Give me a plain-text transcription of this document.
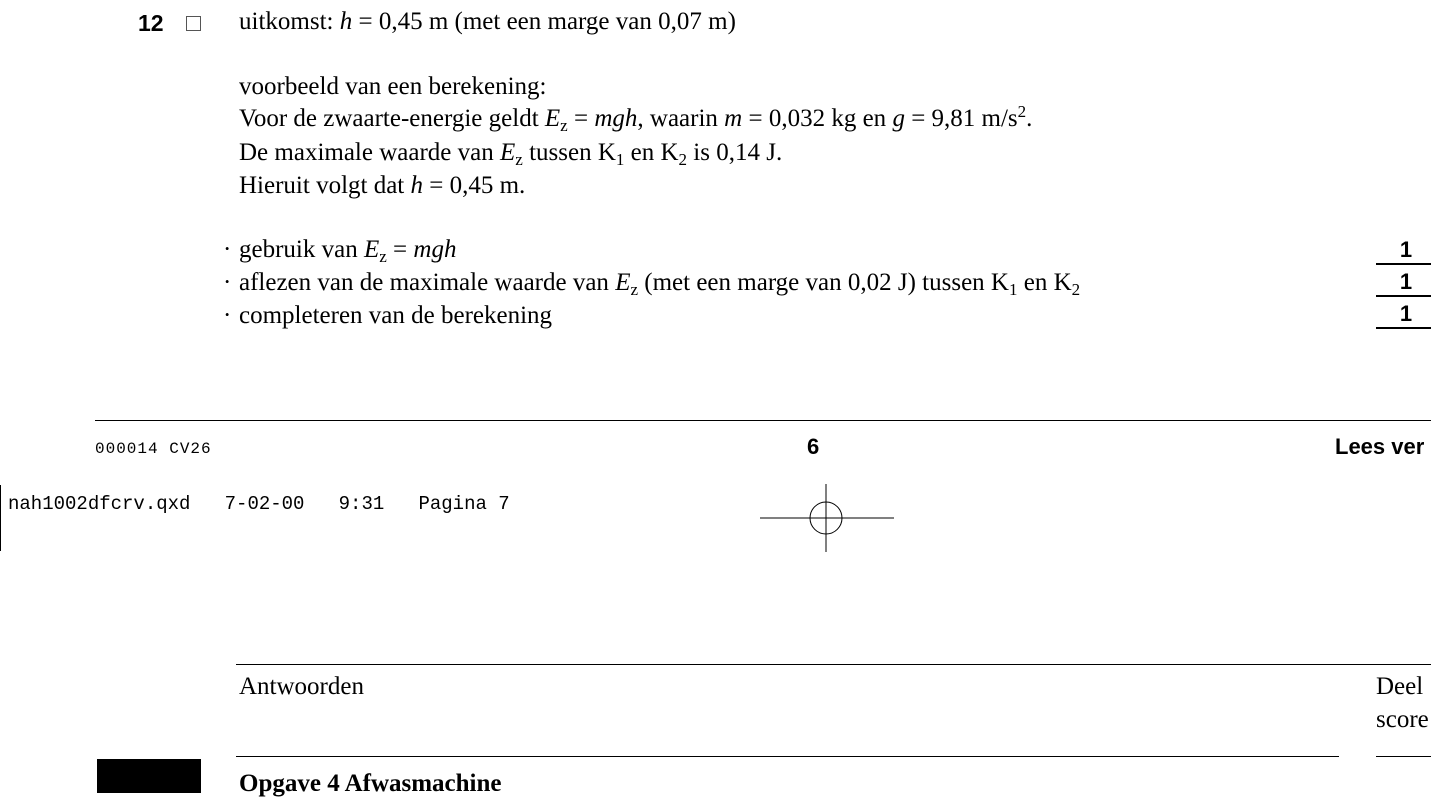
12	uitkomst: h = 0,45 m (met een marge van 0,07 m)
voorbeeld van een berekening:
Voor de zwaarte-energie geldt $E_z$ = mgh, waarin m = 0,032 kg en g = 9,81 $m/s^2$.
De maximale waarde van $E_z$ tussen $K_1$ en $K_2$ is 0,14 J.
Hieruit volgt dat h = 0,45 m.
· gebruik van $E_z$ = mgh	1
· aflezen van de maximale waarde van $E_z$ (met een marge van 0,02 J) tussen $K_1$ en $K_2$	1
· completeren van de berekening	1
000014 CV26	6	Lees ver
nah1002dfcrv.qxd   7-02-00   9:31   Pagina 7
Antwoorden	Deel
score
Opgave 4 Afwasmachine
